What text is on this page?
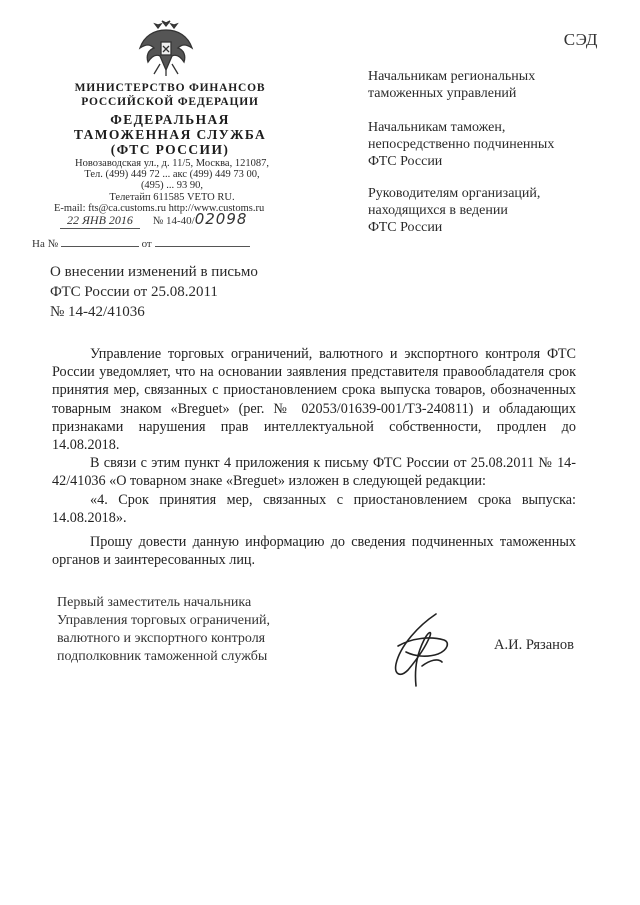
СЭД
МИНИСТЕРСТВО ФИНАНСОВ
РОССИЙСКОЙ ФЕДЕРАЦИИ
ФЕДЕРАЛЬНАЯ
ТАМОЖЕННАЯ СЛУЖБА
(ФТС РОССИИ)
Новозаводская ул., д. 11/5, Москва, 121087,
Тел. (499) 449 72 ... акс (499) 449 73 00,
(495) ... 93 90,
Телетайп 611585 VETO RU.
E-mail: fts@ca.customs.ru http://www.customs.ru
22 ЯНВ 2016 № 14-40/02098
На №	от
Начальникам региональных
таможенных управлений
Начальникам таможен,
непосредственно подчиненных
ФТС России
Руководителям организаций,
находящихся в ведении
ФТС России
О внесении изменений в письмо
ФТС России от 25.08.2011
№ 14-42/41036

Управление торговых ограничений, валютного и экспортного контроля ФТС России уведомляет, что на основании заявления представителя правообладателя срок принятия мер, связанных с приостановлением срока выпуска товаров, обозначенных товарным знаком «Breguet» (рег. № 02053/01639-001/ТЗ-240811) и обладающих признаками нарушения прав интеллектуальной собственности, продлен до 14.08.2018.

В связи с этим пункт 4 приложения к письму ФТС России от 25.08.2011 № 14-42/41036 «О товарном знаке «Breguet» изложен в следующей редакции:

«4. Срок принятия мер, связанных с приостановлением срока выпуска: 14.08.2018».

Прошу довести данную информацию до сведения подчиненных таможенных органов и заинтересованных лиц.

Первый заместитель начальника
Управления торговых ограничений,
валютного и экспортного контроля
подполковник таможенной службы
А.И. Рязанов
